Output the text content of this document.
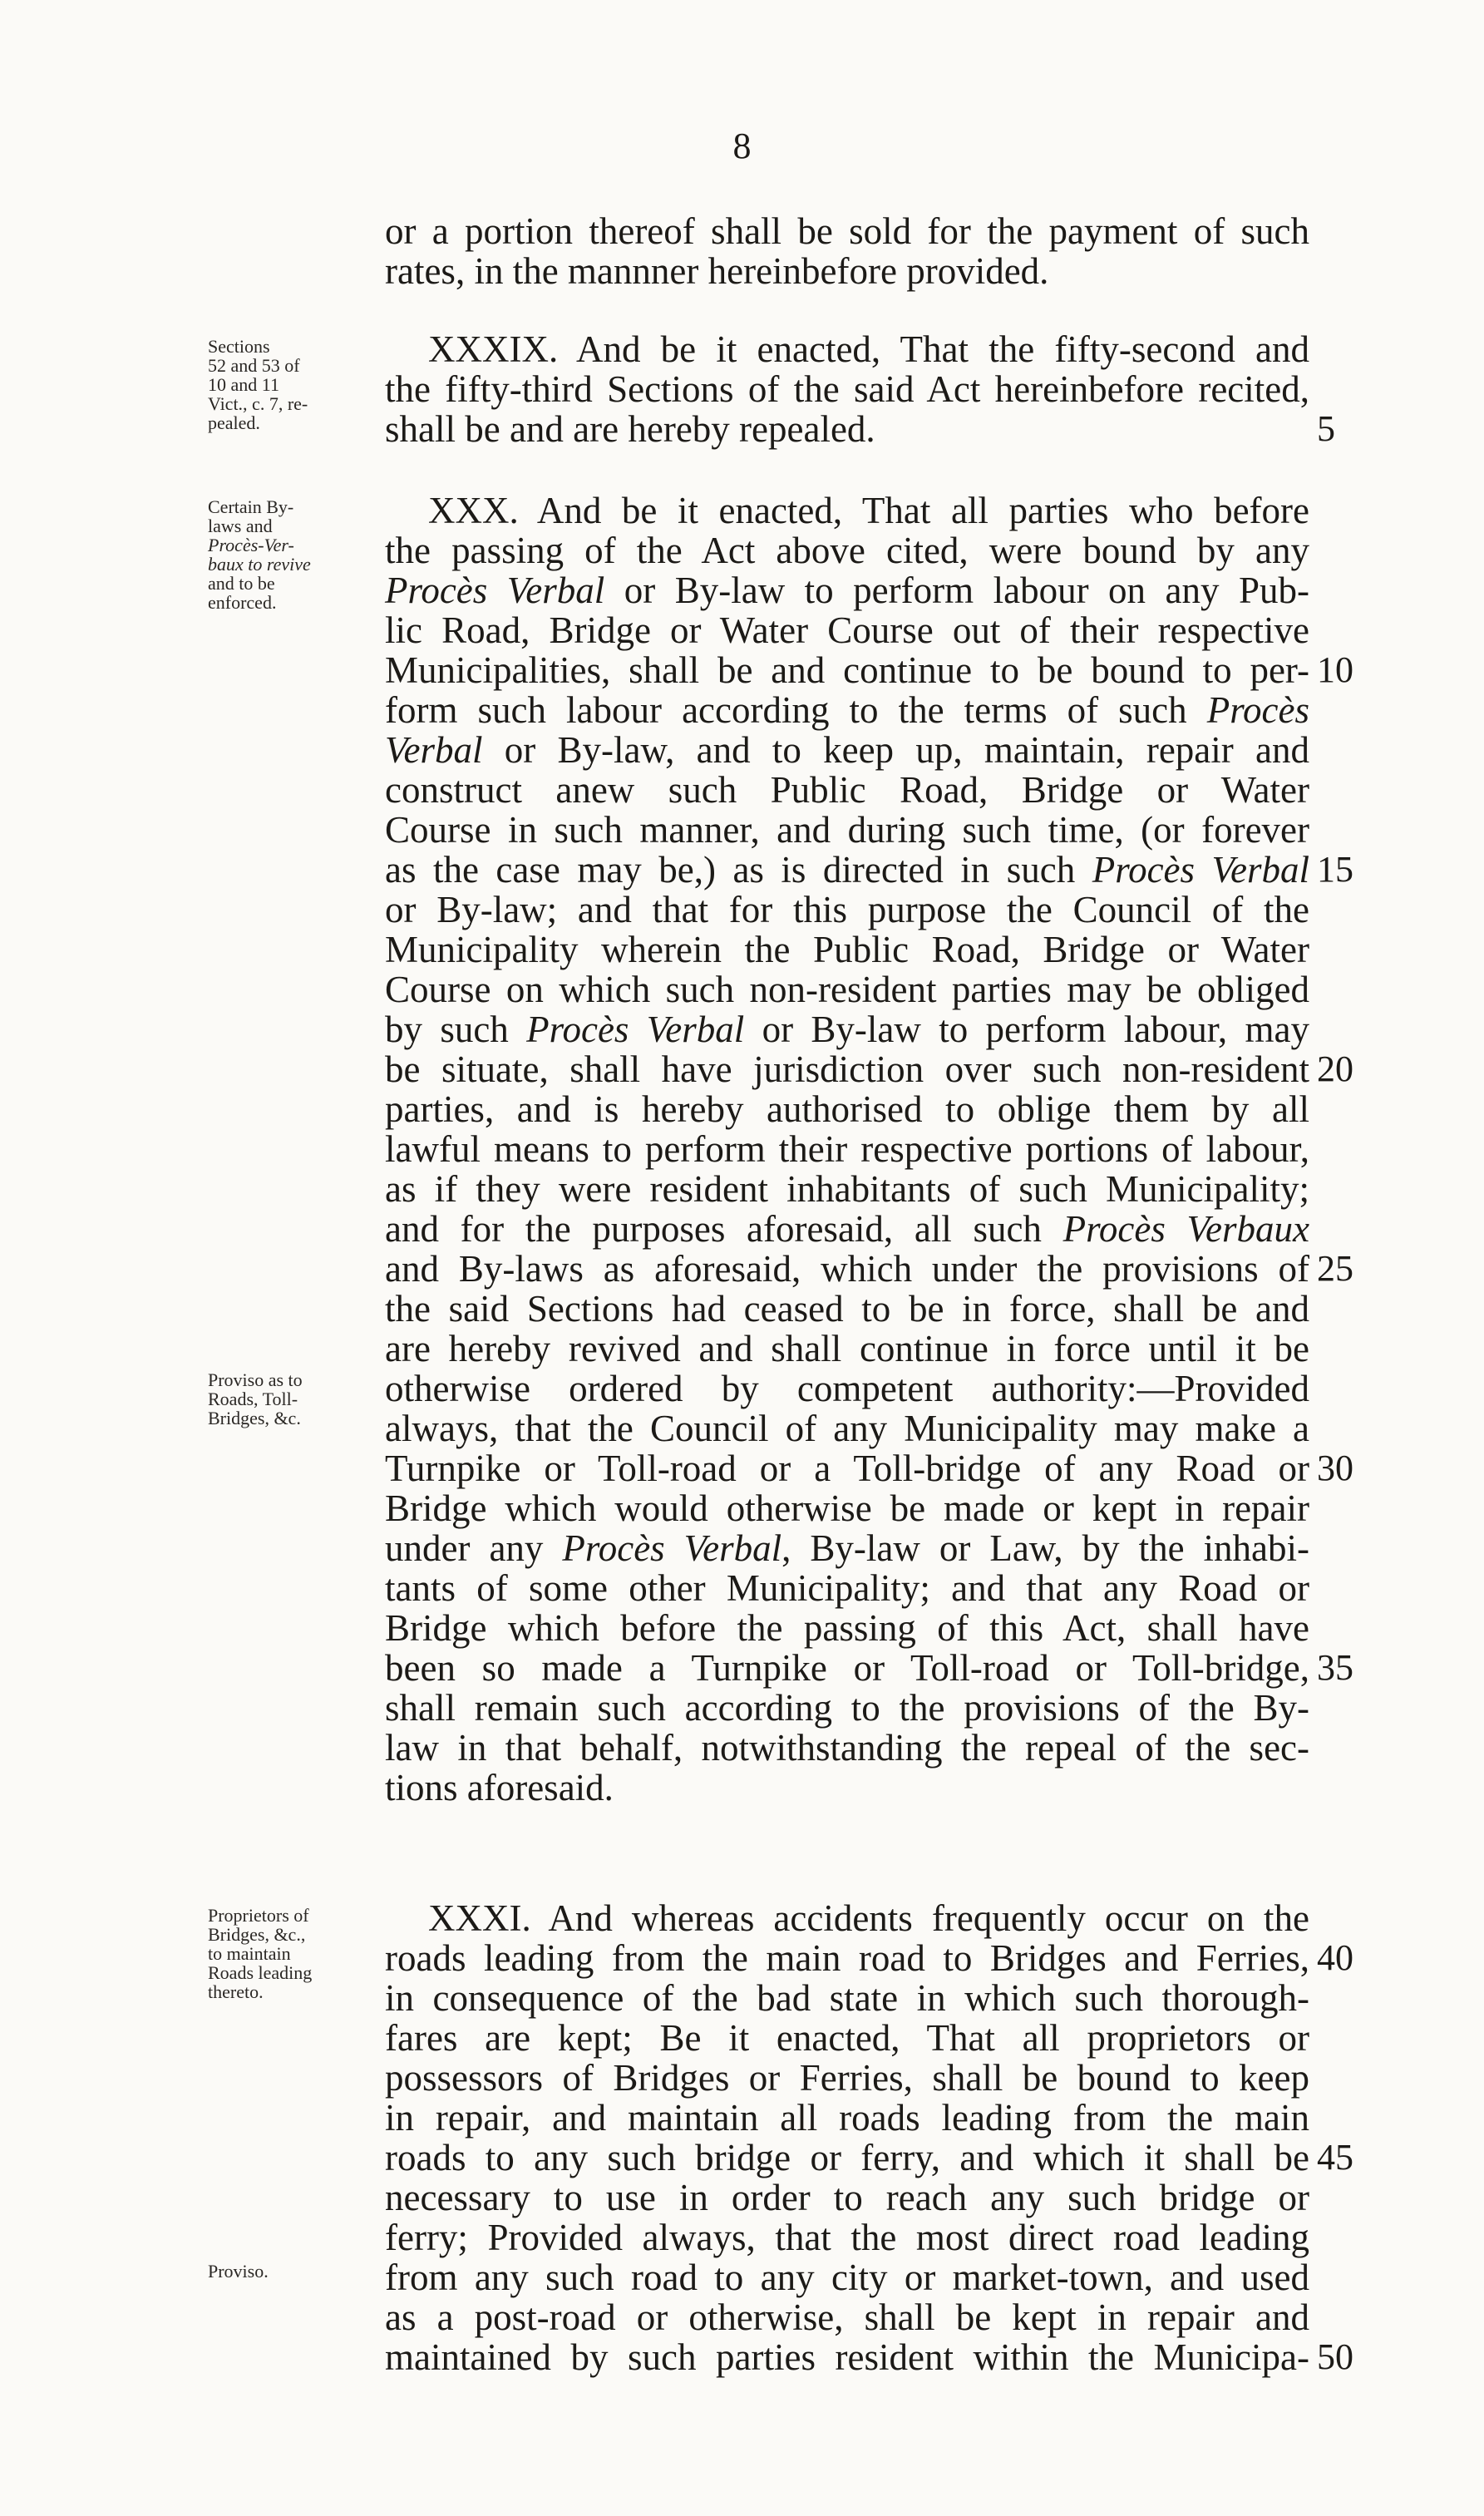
8
or a portion thereof shall be sold for the payment of such
rates, in the mannner hereinbefore provided.
Sections
52 and 53 of
10 and 11
Vict., c. 7, re-
pealed.
XXXIX. And be it enacted, That the fifty-second and
the fifty-third Sections of the said Act hereinbefore recited,
shall be and are hereby repealed.
Certain By-
laws and
Procès-Ver-
baux to revive
and to be
enforced.
Proviso as to
Roads, Toll-
Bridges, &c.
XXX. And be it enacted, That all parties who before
the passing of the Act above cited, were bound by any
Procès Verbal or By-law to perform labour on any Pub-
lic Road, Bridge or Water Course out of their respective
Municipalities, shall be and continue to be bound to per-
form such labour according to the terms of such Procès
Verbal or By-law, and to keep up, maintain, repair and
construct anew such Public Road, Bridge or Water
Course in such manner, and during such time, (or forever
as the case may be,) as is directed in such Procès Verbal
or By-law; and that for this purpose the Council of the
Municipality wherein the Public Road, Bridge or Water
Course on which such non-resident parties may be obliged
by such Procès Verbal or By-law to perform labour, may
be situate, shall have jurisdiction over such non-resident
parties, and is hereby authorised to oblige them by all
lawful means to perform their respective portions of labour,
as if they were resident inhabitants of such Municipality;
and for the purposes aforesaid, all such Procès Verbaux
and By-laws as aforesaid, which under the provisions of
the said Sections had ceased to be in force, shall be and
are hereby revived and shall continue in force until it be
otherwise ordered by competent authority:—Provided
always, that the Council of any Municipality may make a
Turnpike or Toll-road or a Toll-bridge of any Road or
Bridge which would otherwise be made or kept in repair
under any Procès Verbal, By-law or Law, by the inhabi-
tants of some other Municipality; and that any Road or
Bridge which before the passing of this Act, shall have
been so made a Turnpike or Toll-road or Toll-bridge,
shall remain such according to the provisions of the By-
law in that behalf, notwithstanding the repeal of the sec-
tions aforesaid.
Proprietors of
Bridges, &c.,
to maintain
Roads leading
thereto.
Proviso.
XXXI. And whereas accidents frequently occur on the
roads leading from the main road to Bridges and Ferries,
in consequence of the bad state in which such thorough-
fares are kept; Be it enacted, That all proprietors or
possessors of Bridges or Ferries, shall be bound to keep
in repair, and maintain all roads leading from the main
roads to any such bridge or ferry, and which it shall be
necessary to use in order to reach any such bridge or
ferry; Provided always, that the most direct road leading
from any such road to any city or market-town, and used
as a post-road or otherwise, shall be kept in repair and
maintained by such parties resident within the Municipa-
5
10
15
20
25
30
35
40
45
50
